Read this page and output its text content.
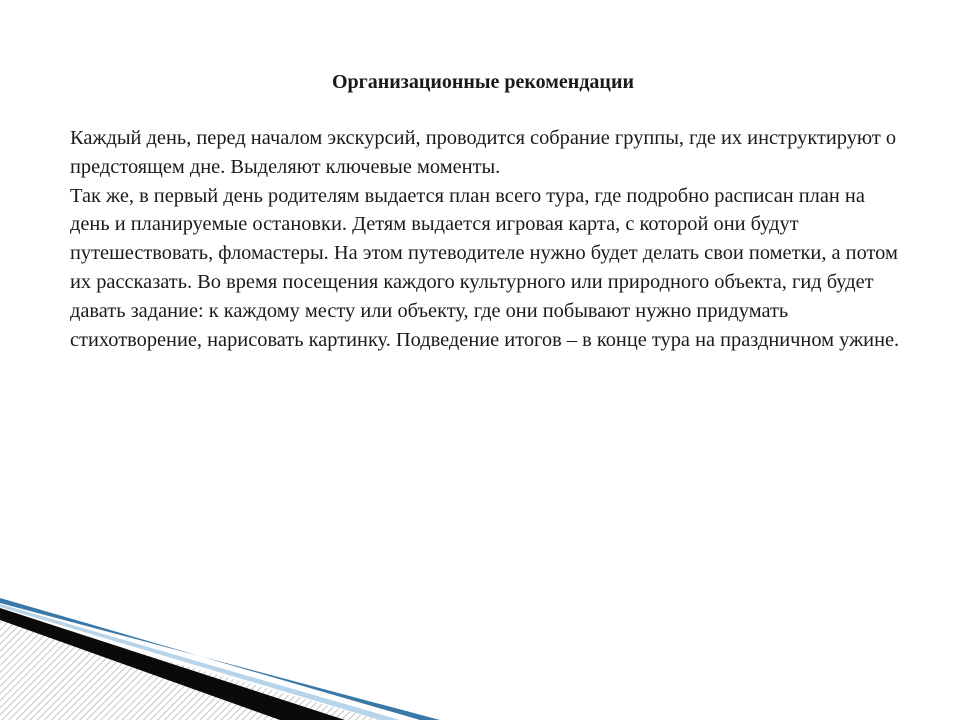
Организационные рекомендации

Каждый день, перед началом экскурсий, проводится собрание группы, где их инструктируют о предстоящем дне. Выделяют ключевые моменты.

Так же, в первый день родителям выдается план всего тура, где подробно расписан план на день и планируемые остановки. Детям выдается игровая карта, с которой они будут путешествовать, фломастеры. На этом путеводителе нужно будет делать свои пометки, а потом их рассказать. Во время посещения каждого культурного или природного объекта, гид будет давать задание: к каждому месту или объекту, где они побывают нужно придумать стихотворение, нарисовать картинку. Подведение итогов – в конце тура на праздничном ужине.
